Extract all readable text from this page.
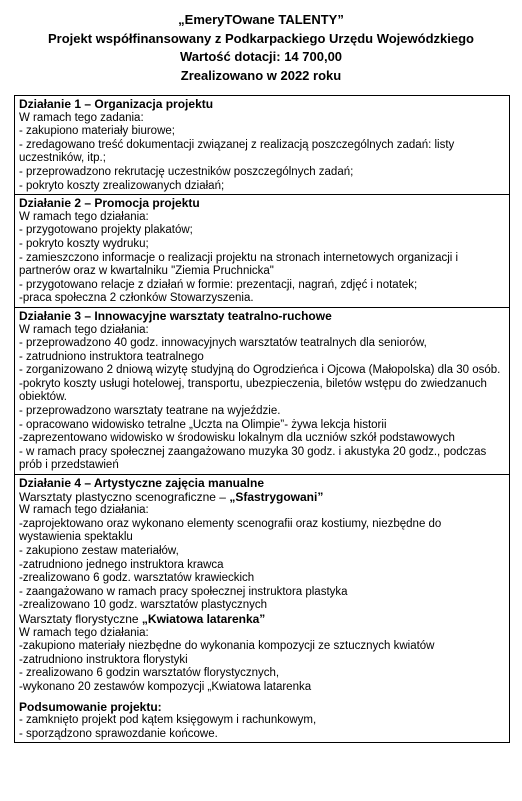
„EmeryTOwane TALENTY”
Projekt współfinansowany z Podkarpackiego Urzędu Wojewódzkiego
Wartość dotacji: 14 700,00
Zrealizowano w 2022 roku
Działanie 1 – Organizacja projektu
W ramach tego zadania:
- zakupiono materiały biurowe;
- zredagowano treść dokumentacji związanej z realizacją poszczególnych zadań: listy uczestników, itp.;
- przeprowadzono rekrutację uczestników poszczególnych zadań;
- pokryto koszty zrealizowanych działań;

Działanie 2 – Promocja projektu
W ramach tego działania:
- przygotowano projekty plakatów;
- pokryto koszty wydruku;
- zamieszczono informacje o realizacji projektu na stronach internetowych organizacji i partnerów oraz w kwartalniku "Ziemia Pruchnicka"
- przygotowano relacje z działań w formie: prezentacji, nagrań, zdjęć i notatek;
-praca społeczna 2 członków Stowarzyszenia.

Działanie 3 – Innowacyjne warsztaty teatralno-ruchowe
W ramach tego działania:
- przeprowadzono 40 godz. innowacyjnych warsztatów teatralnych dla seniorów,
- zatrudniono instruktora teatralnego
- zorganizowano 2 dniową wizytę studyjną do Ogrodzieńca i Ojcowa (Małopolska) dla 30 osób.
-pokryto koszty usługi hotelowej, transportu, ubezpieczenia, biletów wstępu do zwiedzanuch obiektów.
- przeprowadzono warsztaty teatrane na wyjeździe.
- opracowano widowisko tetralne „Uczta na Olimpie”- żywa lekcja historii
-zaprezentowano widowisko w środowisku lokalnym dla uczniów szkół podstawowych
- w ramach pracy społecznej zaangażowano muzyka 30 godz. i akustyka 20 godz., podczas prób i przedstawień

Działanie 4 – Artystyczne zajęcia manualne
Warsztaty plastyczno scenograficzne – „Sfastrygowani”
W ramach tego działania:
-zaprojektowano oraz wykonano elementy scenografii oraz kostiumy, niezbędne do wystawienia spektaklu
- zakupiono zestaw materiałów,
-zatrudniono jednego instruktora krawca
-zrealizowano 6 godz. warsztatów krawieckich
- zaangażowano w ramach pracy społecznej instruktora plastyka
-zrealizowano 10 godz. warsztatów plastycznych
Warsztaty florystyczne „Kwiatowa latarenka”
W ramach tego działania:
-zakupiono materiały niezbędne do wykonania kompozycji ze sztucznych kwiatów
-zatrudniono instruktora florystyki
- zrealizowano 6 godzin warsztatów florystycznych,
-wykonano 20 zestawów kompozycji „Kwiatowa latarenka
Podsumowanie projektu:
- zamknięto projekt pod kątem księgowym i rachunkowym,
- sporządzono sprawozdanie końcowe.
